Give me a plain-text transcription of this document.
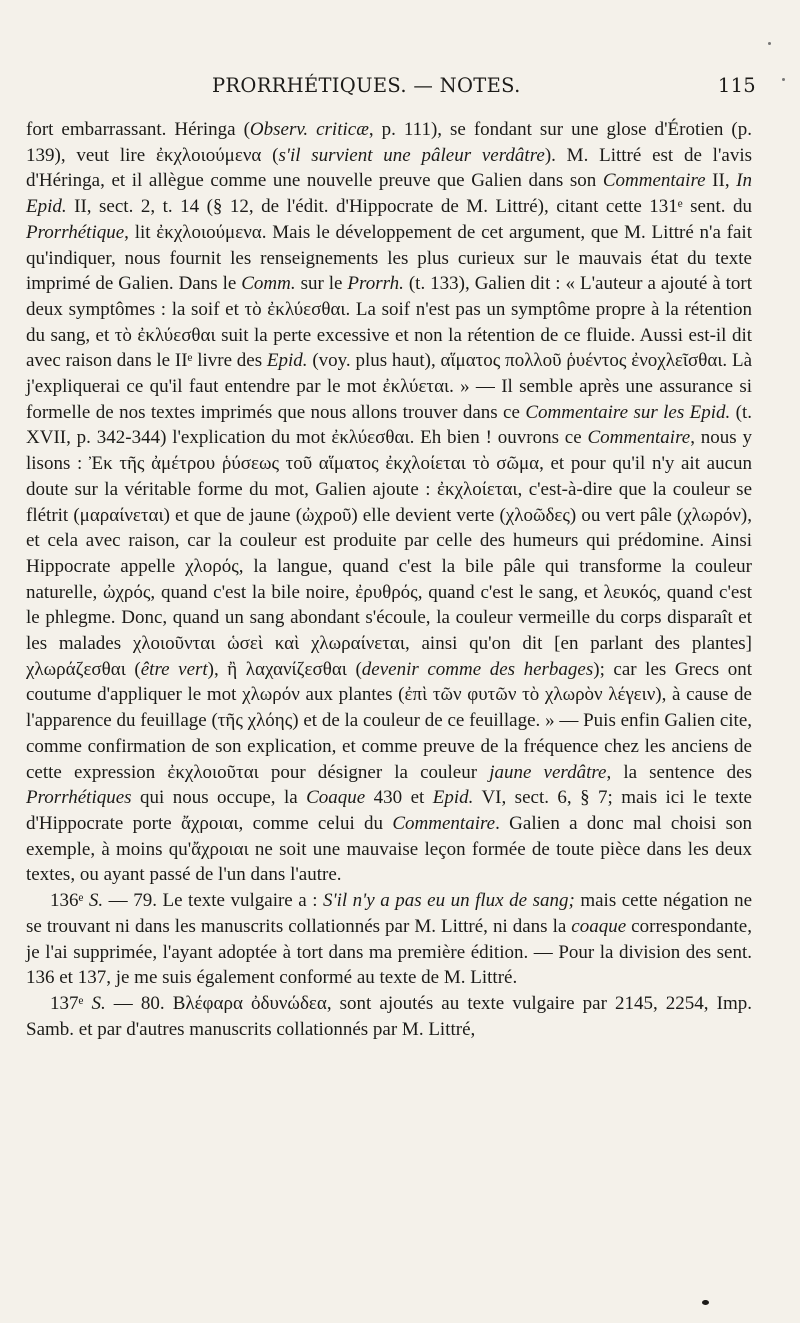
PRORRHÉTIQUES. — NOTES.	115

fort embarrassant. Héringa (Observ. criticæ, p. 111), se fondant sur une glose d'Érotien (p. 139), veut lire ἐκχλοιούμενα (s'il survient une pâleur verdâtre). M. Littré est de l'avis d'Héringa, et il allègue comme une nouvelle preuve que Galien dans son Commentaire II, In Epid. II, sect. 2, t. 14 (§ 12, de l'édit. d'Hippocrate de M. Littré), citant cette 131ᵉ sent. du Prorrhétique, lit ἐκχλοιούμενα. Mais le développement de cet argument, que M. Littré n'a fait qu'indiquer, nous fournit les renseignements les plus curieux sur le mauvais état du texte imprimé de Galien. Dans le Comm. sur le Prorrh. (t. 133), Galien dit : « L'auteur a ajouté à tort deux symptômes : la soif et τὸ ἐκλύεσθαι. La soif n'est pas un symptôme propre à la rétention du sang, et τὸ ἐκλύεσθαι suit la perte excessive et non la rétention de ce fluide. Aussi est-il dit avec raison dans le IIᵉ livre des Epid. (voy. plus haut), αἵματος πολλοῦ ῥυέντος ἐνοχλεῖσθαι. Là j'expliquerai ce qu'il faut entendre par le mot ἐκλύεται. » — Il semble après une assurance si formelle de nos textes imprimés que nous allons trouver dans ce Commentaire sur les Epid. (t. XVII, p. 342-344) l'explication du mot ἐκλύεσθαι. Eh bien ! ouvrons ce Commentaire, nous y lisons : Ἐκ τῆς ἀμέτρου ῥύσεως τοῦ αἵματος ἐκχλοίεται τὸ σῶμα, et pour qu'il n'y ait aucun doute sur la véritable forme du mot, Galien ajoute : ἐκχλοίεται, c'est-à-dire que la couleur se flétrit (μαραίνεται) et que de jaune (ὠχροῦ) elle devient verte (χλοῶδες) ou vert pâle (χλωρόν), et cela avec raison, car la couleur est produite par celle des humeurs qui prédomine. Ainsi Hippocrate appelle χλορός, la langue, quand c'est la bile pâle qui transforme la couleur naturelle, ὠχρός, quand c'est la bile noire, ἐρυθρός, quand c'est le sang, et λευκός, quand c'est le phlegme. Donc, quand un sang abondant s'écoule, la couleur vermeille du corps disparaît et les malades χλοιοῦνται ὡσεὶ καὶ χλωραίνεται, ainsi qu'on dit [en parlant des plantes] χλωράζεσθαι (être vert), ἢ λαχανίζεσθαι (devenir comme des herbages); car les Grecs ont coutume d'appliquer le mot χλωρόν aux plantes (ἐπὶ τῶν φυτῶν τὸ χλωρὸν λέγειν), à cause de l'apparence du feuillage (τῆς χλόης) et de la couleur de ce feuillage. » — Puis enfin Galien cite, comme confirmation de son explication, et comme preuve de la fréquence chez les anciens de cette expression ἐκχλοιοῦται pour désigner la couleur jaune verdâtre, la sentence des Prorrhétiques qui nous occupe, la Coaque 430 et Epid. VI, sect. 6, § 7; mais ici le texte d'Hippocrate porte ἄχροιαι, comme celui du Commentaire. Galien a donc mal choisi son exemple, à moins qu'ἄχροιαι ne soit une mauvaise leçon formée de toute pièce dans les deux textes, ou ayant passé de l'un dans l'autre.

136ᵉ S. — 79. Le texte vulgaire a : S'il n'y a pas eu un flux de sang; mais cette négation ne se trouvant ni dans les manuscrits collationnés par M. Littré, ni dans la coaque correspondante, je l'ai supprimée, l'ayant adoptée à tort dans ma première édition. — Pour la division des sent. 136 et 137, je me suis également conformé au texte de M. Littré.

137ᵉ S. — 80. Βλέφαρα ὀδυνώδεα, sont ajoutés au texte vulgaire par 2145, 2254, Imp. Samb. et par d'autres manuscrits collationnés par M. Littré,
